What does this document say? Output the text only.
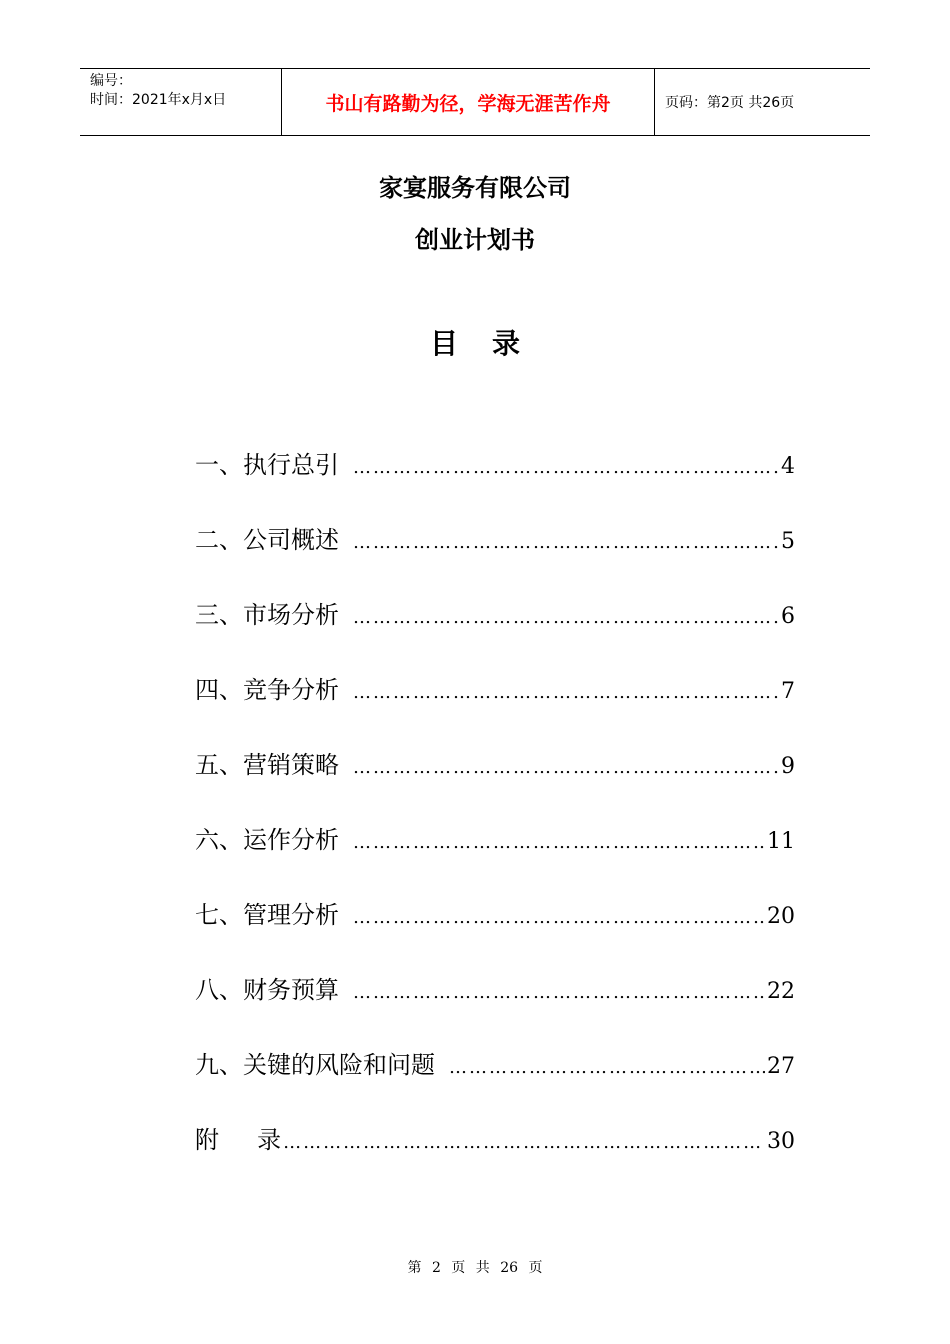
编号：
时间：2021年x月x日	书山有路勤为径，学海无涯苦作舟	页码：第2页 共26页
家宴服务有限公司
创业计划书
目录
一、执行总引 ……………………………………………………………………………………………………………………………………………	4
二、公司概述 ……………………………………………………………………………………………………………………………………………	5
三、市场分析 ……………………………………………………………………………………………………………………………………………	6
四、竞争分析 ……………………………………………………………………………………………………………………………………………	7
五、营销策略 ……………………………………………………………………………………………………………………………………………	9
六、运作分析 ……………………………………………………………………………………………………………………………………………	11
七、管理分析 ……………………………………………………………………………………………………………………………………………	20
八、财务预算 ……………………………………………………………………………………………………………………………………………	22
九、关键的风险和问题 ……………………………………………………………………………………………………………………………………………	27
附     录 ……………………………………………………………………………………………………………………………………………	30
第 2 页 共 26 页
